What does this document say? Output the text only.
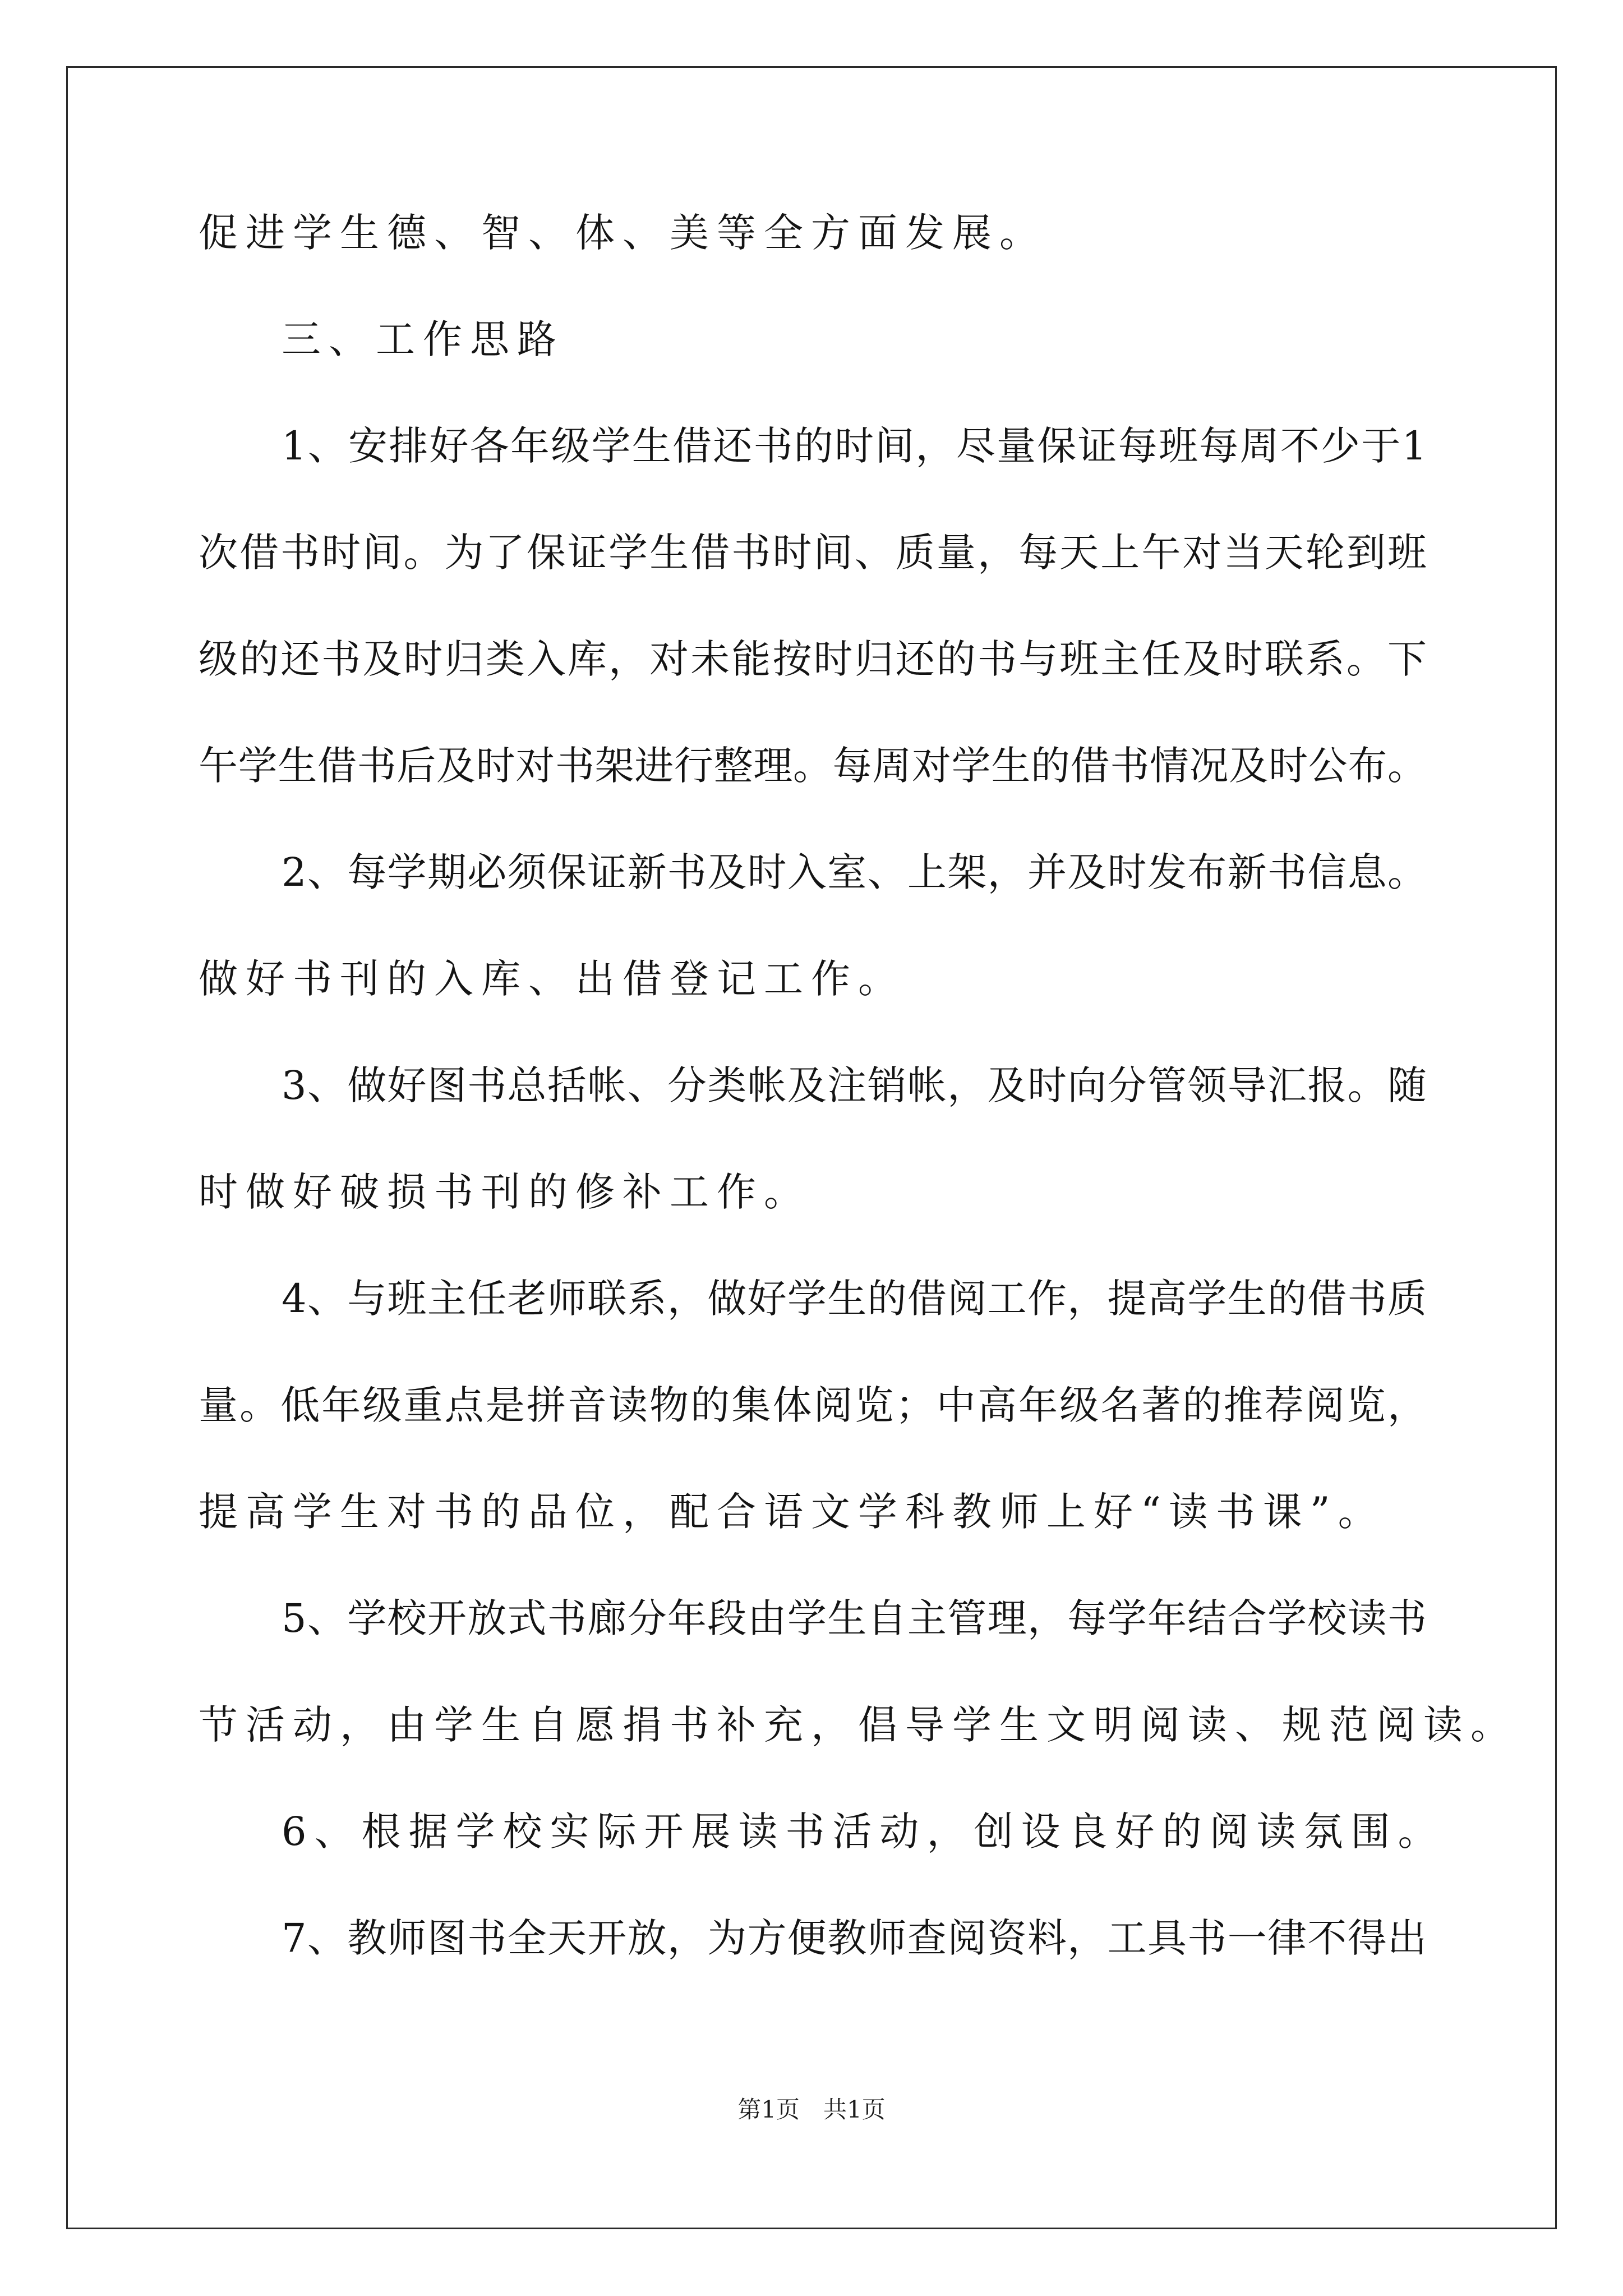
促进学生德、智、体、美等全方面发展。
三、工作思路
1、安排好各年级学生借还书的时间，尽量保证每班每周不少于1
次借书时间。为了保证学生借书时间、质量，每天上午对当天轮到班
级的还书及时归类入库，对未能按时归还的书与班主任及时联系。下
午学生借书后及时对书架进行整理。每周对学生的借书情况及时公布。
2、每学期必须保证新书及时入室、上架，并及时发布新书信息。
做好书刊的入库、出借登记工作。
3、做好图书总括帐、分类帐及注销帐，及时向分管领导汇报。随
时做好破损书刊的修补工作。
4、与班主任老师联系，做好学生的借阅工作，提高学生的借书质
量。低年级重点是拼音读物的集体阅览；中高年级名著的推荐阅览，
提高学生对书的品位，配合语文学科教师上好“读书课”。
5、学校开放式书廊分年段由学生自主管理，每学年结合学校读书
节活动，由学生自愿捐书补充，倡导学生文明阅读、规范阅读。
6、根据学校实际开展读书活动，创设良好的阅读氛围。
7、教师图书全天开放，为方便教师查阅资料，工具书一律不得出
第1页　共1页
